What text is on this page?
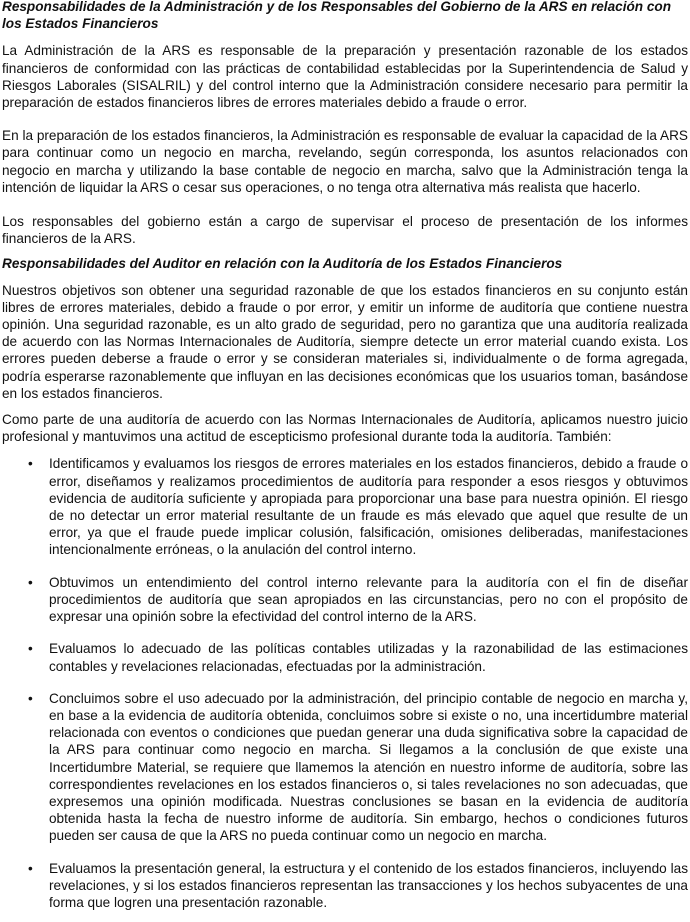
Responsabilidades de la Administración y de los Responsables del Gobierno de la ARS en relación con los Estados Financieros

La Administración de la ARS es responsable de la preparación y presentación razonable de los estados financieros de conformidad con las prácticas de contabilidad establecidas por la Superintendencia de Salud y Riesgos Laborales (SISALRIL) y del control interno que la Administración considere necesario para permitir la preparación de estados financieros libres de errores materiales debido a fraude o error.

En la preparación de los estados financieros, la Administración es responsable de evaluar la capacidad de la ARS para continuar como un negocio en marcha, revelando, según corresponda, los asuntos relacionados con negocio en marcha y utilizando la base contable de negocio en marcha, salvo que la Administración tenga la intención de liquidar la ARS o cesar sus operaciones, o no tenga otra alternativa más realista que hacerlo.

Los responsables del gobierno están a cargo de supervisar el proceso de presentación de los informes financieros de la ARS.

Responsabilidades del Auditor en relación con la Auditoría de los Estados Financieros

Nuestros objetivos son obtener una seguridad razonable de que los estados financieros en su conjunto están libres de errores materiales, debido a fraude o por error, y emitir un informe de auditoría que contiene nuestra opinión. Una seguridad razonable, es un alto grado de seguridad, pero no garantiza que una auditoría realizada de acuerdo con las Normas Internacionales de Auditoría, siempre detecte un error material cuando exista. Los errores pueden deberse a fraude o error y se consideran materiales si, individualmente o de forma agregada, podría esperarse razonablemente que influyan en las decisiones económicas que los usuarios toman, basándose en los estados financieros.

Como parte de una auditoría de acuerdo con las Normas Internacionales de Auditoría, aplicamos nuestro juicio profesional y mantuvimos una actitud de escepticismo profesional durante toda la auditoría. También:

• Identificamos y evaluamos los riesgos de errores materiales en los estados financieros, debido a fraude o error, diseñamos y realizamos procedimientos de auditoría para responder a esos riesgos y obtuvimos evidencia de auditoría suficiente y apropiada para proporcionar una base para nuestra opinión. El riesgo de no detectar un error material resultante de un fraude es más elevado que aquel que resulte de un error, ya que el fraude puede implicar colusión, falsificación, omisiones deliberadas, manifestaciones intencionalmente erróneas, o la anulación del control interno.
• Obtuvimos un entendimiento del control interno relevante para la auditoría con el fin de diseñar procedimientos de auditoría que sean apropiados en las circunstancias, pero no con el propósito de expresar una opinión sobre la efectividad del control interno de la ARS.
• Evaluamos lo adecuado de las políticas contables utilizadas y la razonabilidad de las estimaciones contables y revelaciones relacionadas, efectuadas por la administración.
• Concluimos sobre el uso adecuado por la administración, del principio contable de negocio en marcha y, en base a la evidencia de auditoría obtenida, concluimos sobre si existe o no, una incertidumbre material relacionada con eventos o condiciones que puedan generar una duda significativa sobre la capacidad de la ARS para continuar como negocio en marcha. Si llegamos a la conclusión de que existe una Incertidumbre Material, se requiere que llamemos la atención en nuestro informe de auditoría, sobre las correspondientes revelaciones en los estados financieros o, si tales revelaciones no son adecuadas, que expresemos una opinión modificada. Nuestras conclusiones se basan en la evidencia de auditoría obtenida hasta la fecha de nuestro informe de auditoría. Sin embargo, hechos o condiciones futuros pueden ser causa de que la ARS no pueda continuar como un negocio en marcha.
• Evaluamos la presentación general, la estructura y el contenido de los estados financieros, incluyendo las revelaciones, y si los estados financieros representan las transacciones y los hechos subyacentes de una forma que logren una presentación razonable.
